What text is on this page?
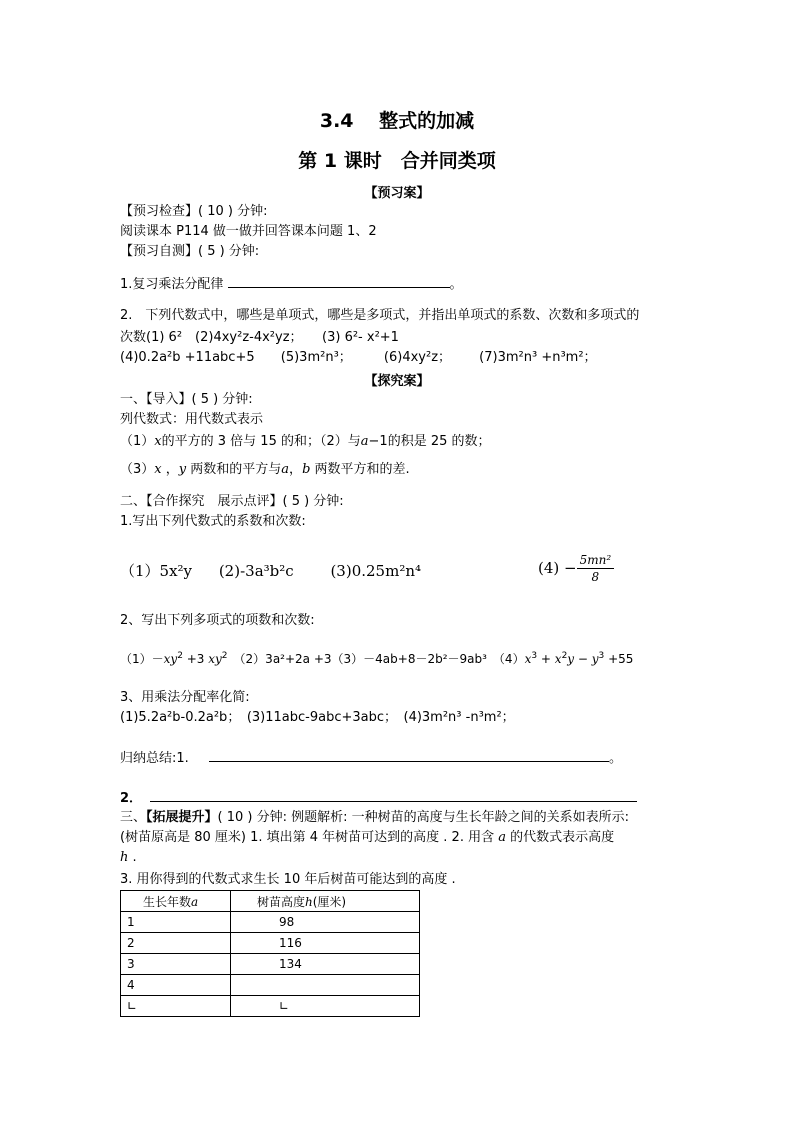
3.4　 整式的加减
第 1 课时　合并同类项
【预习案】
【预习检查】( 10 ) 分钟:
阅读课本 P114 做一做并回答课本问题 1、2
【预习自测】( 5 ) 分钟:
1.复习乘法分配律	。
2.　下列代数式中，哪些是单项式，哪些是多项式，并指出单项式的系数、次数和多项式的
次数(1) 6²　(2)4xy²z-4x²yz；　　(3) 6²- x²+1
(4)0.2a²b +11abc+5 (5)3m²n³； (6)4xy²z； (7)3m²n³ +n³m²；
【探究案】
一、【导入】( 5 ) 分钟:
列代数式：用代数式表示
（1）x的平方的 3 倍与 15 的和；（2）与a−1的积是 25 的数；
（3）x ，y 两数和的平方与a，b 两数平方和的差.
二、【合作探究　展示点评】( 5 ) 分钟:
1.写出下列代数式的系数和次数:
（1）5x²y (2)-3a³b²c (3)0.25m²n⁴	$(4) - \frac{\text{5mn²}}{8}$
2、写出下列多项式的项数和次数:
$(1)-xy^2 +3$ $xy^2$　 （2）3a²+2a +3（3）－4ab+8－2b²－9ab³　$(4)x^3 + x^2y - y^3 +55$
3、用乘法分配率化简:
(1)5.2a²b-0.2a²b；　(3)11abc-9abc+3abc；　(4)3m²n³ -n³m²；
归纳总结:1.	。
2．
三、【拓展提升】( 10 ) 分钟: 例题解析: 一种树苗的高度与生长年龄之间的关系如表所示:
(树苗原高是 80 厘米) 1. 填出第 4 年树苗可达到的高度 . 2. 用含 a 的代数式表示高度
h .
3. 用你得到的代数式求生长 10 年后树苗可能达到的高度 .
生长年数a	树苗高度h(厘米)
1	98
2	116
3	134
4	
∟	∟
